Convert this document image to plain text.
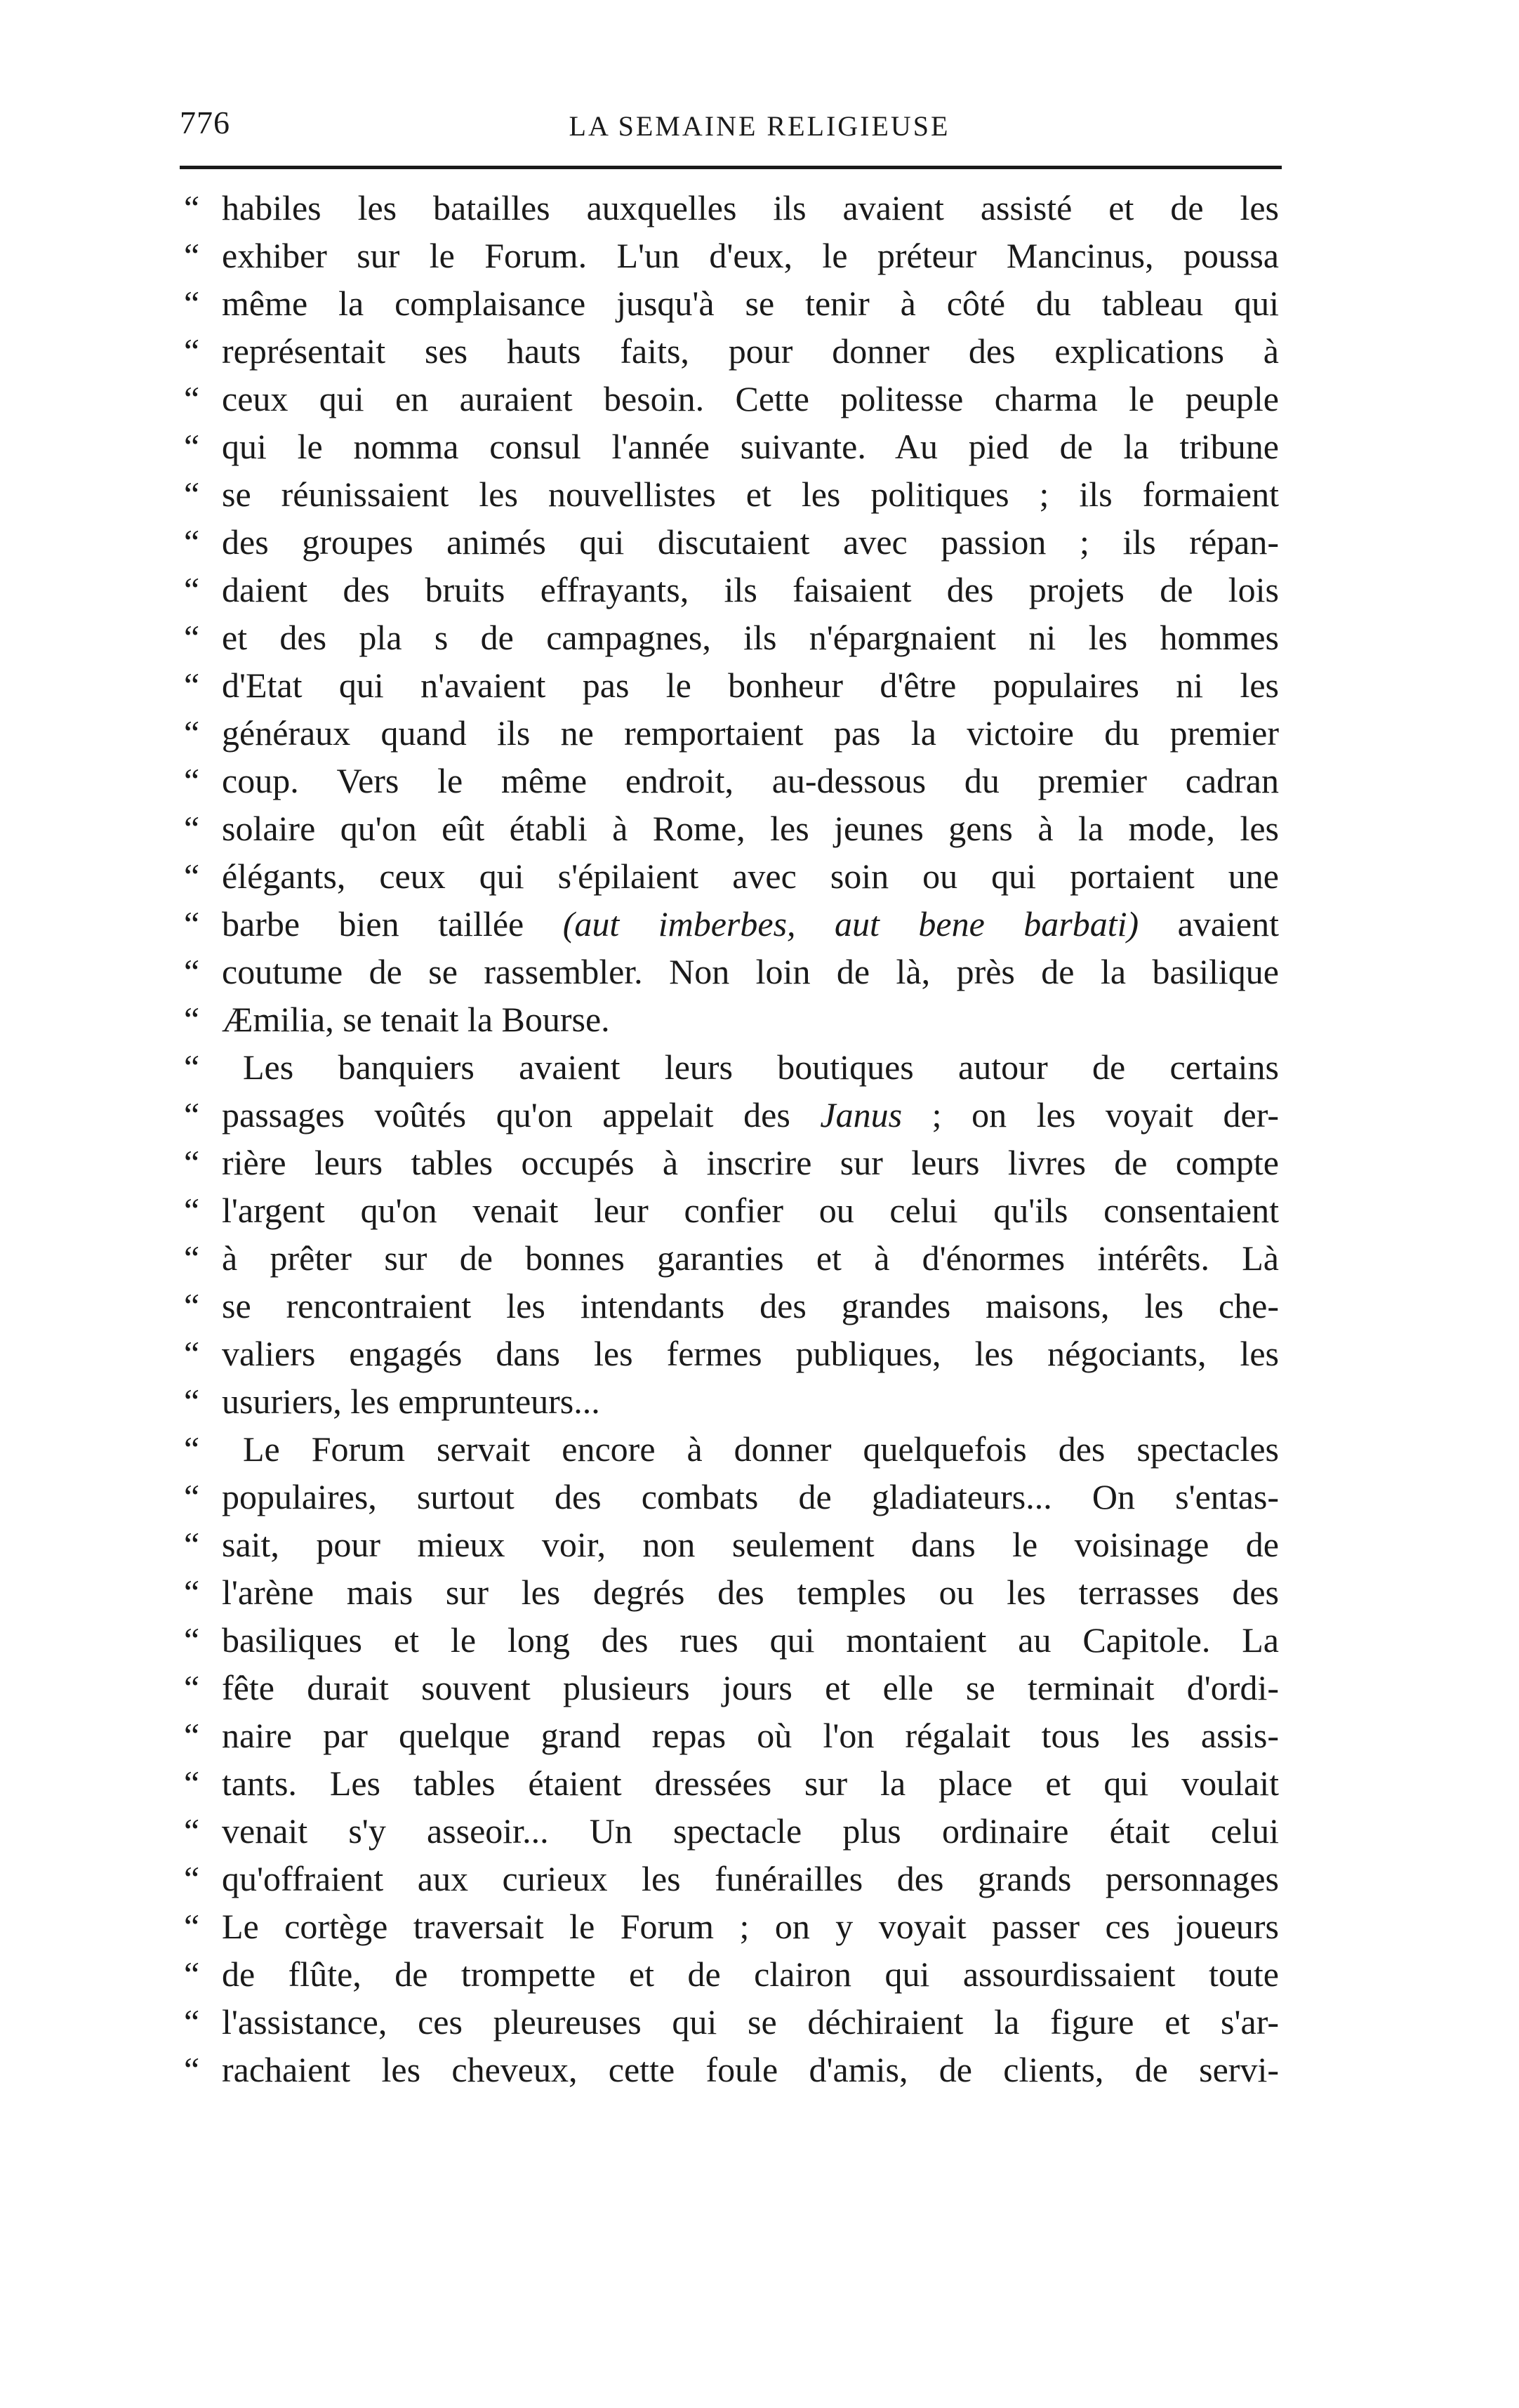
776	LA SEMAINE RELIGIEUSE
“ habiles les batailles auxquelles ils avaient assisté et de les
“ exhiber sur le Forum. L'un d'eux, le préteur Mancinus, poussa
“ même la complaisance jusqu'à se tenir à côté du tableau qui
“ représentait ses hauts faits, pour donner des explications à
“ ceux qui en auraient besoin. Cette politesse charma le peuple
“ qui le nomma consul l'année suivante. Au pied de la tribune
“ se réunissaient les nouvellistes et les politiques ; ils formaient
“ des groupes animés qui discutaient avec passion ; ils répan-
“ daient des bruits effrayants, ils faisaient des projets de lois
“ et des pla s de campagnes, ils n'épargnaient ni les hommes
“ d'Etat qui n'avaient pas le bonheur d'être populaires ni les
“ généraux quand ils ne remportaient pas la victoire du premier
“ coup. Vers le même endroit, au-dessous du premier cadran
“ solaire qu'on eût établi à Rome, les jeunes gens à la mode, les
“ élégants, ceux qui s'épilaient avec soin ou qui portaient une
“ barbe bien taillée (aut imberbes, aut bene barbati) avaient
“ coutume de se rassembler. Non loin de là, près de la basilique
“ Æmilia, se tenait la Bourse.
“ Les banquiers avaient leurs boutiques autour de certains
“ passages voûtés qu'on appelait des Janus ; on les voyait der-
“ rière leurs tables occupés à inscrire sur leurs livres de compte
“ l'argent qu'on venait leur confier ou celui qu'ils consentaient
“ à prêter sur de bonnes garanties et à d'énormes intérêts. Là
“ se rencontraient les intendants des grandes maisons, les che-
“ valiers engagés dans les fermes publiques, les négociants, les
“ usuriers, les emprunteurs...
“ Le Forum servait encore à donner quelquefois des spectacles
“ populaires, surtout des combats de gladiateurs... On s'entas-
“ sait, pour mieux voir, non seulement dans le voisinage de
“ l'arène mais sur les degrés des temples ou les terrasses des
“ basiliques et le long des rues qui montaient au Capitole. La
“ fête durait souvent plusieurs jours et elle se terminait d'ordi-
“ naire par quelque grand repas où l'on régalait tous les assis-
“ tants. Les tables étaient dressées sur la place et qui voulait
“ venait s'y asseoir... Un spectacle plus ordinaire était celui
“ qu'offraient aux curieux les funérailles des grands personnages
“ Le cortège traversait le Forum ; on y voyait passer ces joueurs
“ de flûte, de trompette et de clairon qui assourdissaient toute
“ l'assistance, ces pleureuses qui se déchiraient la figure et s'ar-
“ rachaient les cheveux, cette foule d'amis, de clients, de servi-
